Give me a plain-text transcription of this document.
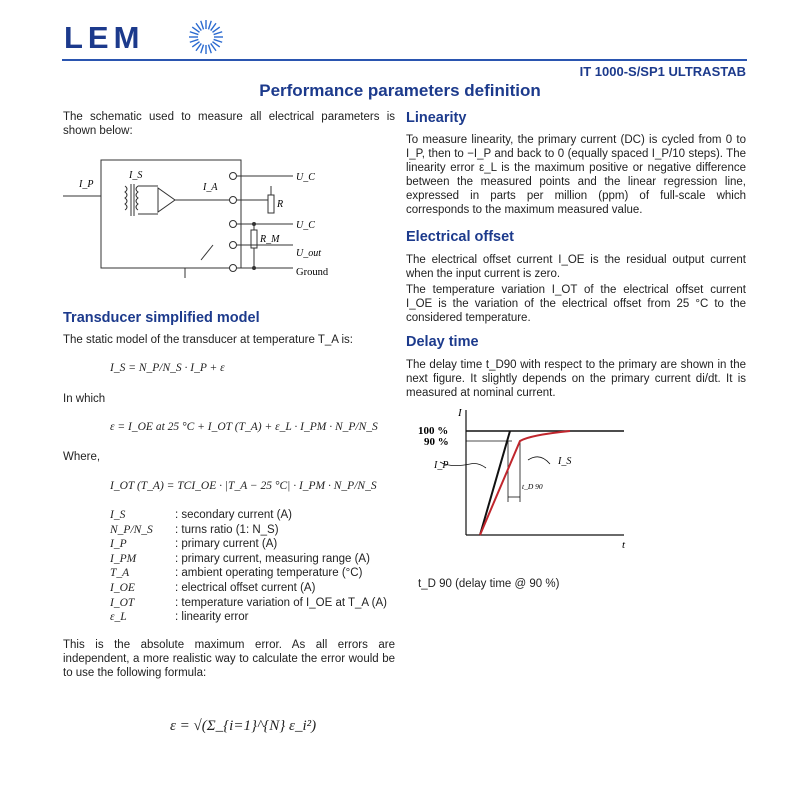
LEM
IT 1000-S/SP1 ULTRASTAB
Performance parameters definition
The schematic used to measure all electrical parameters is shown below:
I_P
I_S
I_A
U_C
R
U_C
R_M
U_out
Ground
Transducer simplified model
The static model of the transducer at temperature T_A is:
I_S = N_P/N_S · I_P + ε
In which
ε = I_OE at 25 °C + I_OT (T_A) + ε_L · I_PM · N_P/N_S
Where,
I_OT (T_A) = TCI_OE · |T_A − 25 °C| · I_PM · N_P/N_S
I_S	: secondary current (A)
N_P/N_S : turns ratio (1: N_S)
I_P	: primary current (A)
I_PM	: primary current, measuring range (A)
T_A	: ambient operating temperature (°C)
I_OE	: electrical offset current (A)
I_OT	: temperature variation of I_OE at T_A (A)
ε_L	: linearity error
This is the absolute maximum error. As all errors are independent, a more realistic way to calculate the error would be to use the following formula:
ε = √(Σ_{i=1}^{N} ε_i²)
Linearity
To measure linearity, the primary current (DC) is cycled from 0 to I_P, then to −I_P and back to 0 (equally spaced I_P/10 steps). The linearity error ε_L is the maximum positive or negative difference between the measured points and the linear regression line, expressed in parts per million (ppm) of full-scale which corresponds to the maximum measured value.
Electrical offset
The electrical offset current I_OE is the residual output current when the input current is zero.
The temperature variation I_OT of the electrical offset current I_OE is the variation of the electrical offset from 25 °C to the considered temperature.
Delay time
The delay time t_D90 with respect to the primary are shown in the next figure. It slightly depends on the primary current di/dt. It is measured at nominal current.
I
t
100 %
90 %
I_P	I_S
t_D 90
t_D 90 (delay time @ 90 %)
